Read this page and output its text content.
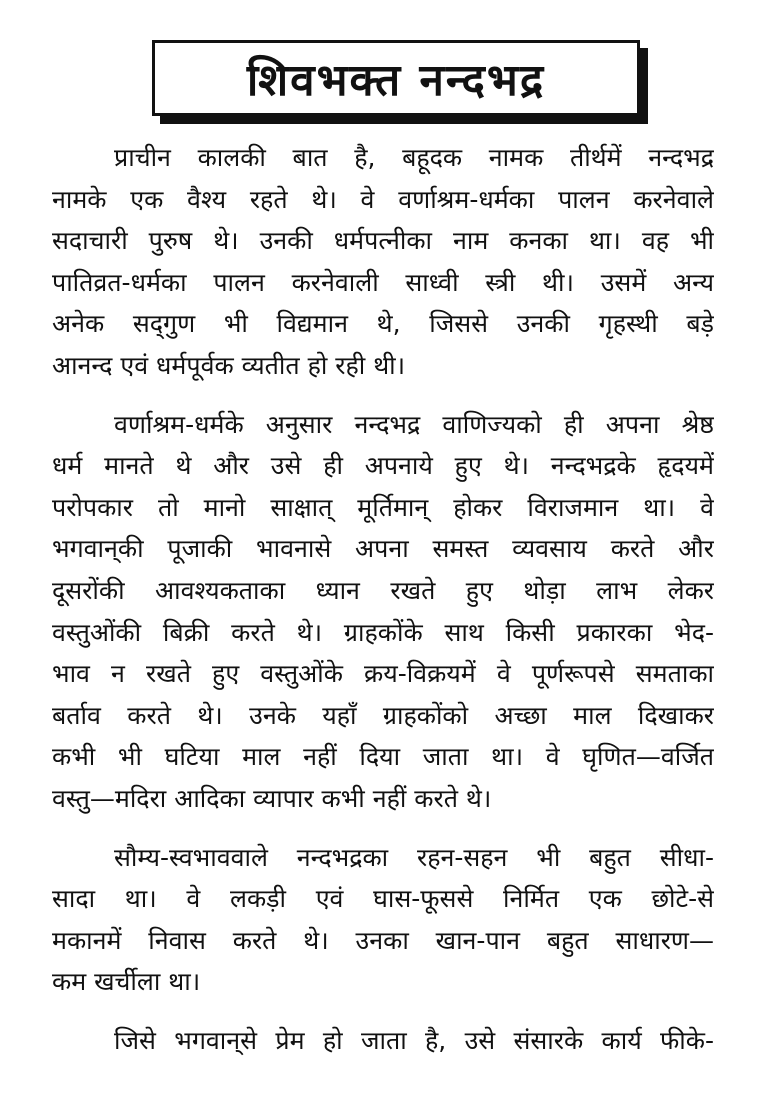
शिवभक्त नन्दभद्र
प्राचीन कालकी बात है, बहूदक नामक तीर्थमें नन्दभद्र
नामके एक वैश्य रहते थे। वे वर्णाश्रम-धर्मका पालन करनेवाले
सदाचारी पुरुष थे। उनकी धर्मपत्नीका नाम कनका था। वह भी
पातिव्रत-धर्मका पालन करनेवाली साध्वी स्त्री थी। उसमें अन्य
अनेक सद्‌गुण भी विद्यमान थे, जिससे उनकी गृहस्थी बड़े
आनन्द एवं धर्मपूर्वक व्यतीत हो रही थी।
वर्णाश्रम-धर्मके अनुसार नन्दभद्र वाणिज्यको ही अपना श्रेष्ठ
धर्म मानते थे और उसे ही अपनाये हुए थे। नन्दभद्रके हृदयमें
परोपकार तो मानो साक्षात् मूर्तिमान् होकर विराजमान था। वे
भगवान्‌की पूजाकी भावनासे अपना समस्त व्यवसाय करते और
दूसरोंकी आवश्यकताका ध्यान रखते हुए थोड़ा लाभ लेकर
वस्तुओंकी बिक्री करते थे। ग्राहकोंके साथ किसी प्रकारका भेद-
भाव न रखते हुए वस्तुओंके क्रय-विक्रयमें वे पूर्णरूपसे समताका
बर्ताव करते थे। उनके यहाँ ग्राहकोंको अच्छा माल दिखाकर
कभी भी घटिया माल नहीं दिया जाता था। वे घृणित—वर्जित
वस्तु—मदिरा आदिका व्यापार कभी नहीं करते थे।
सौम्य-स्वभाववाले नन्दभद्रका रहन-सहन भी बहुत सीधा-
सादा था। वे लकड़ी एवं घास-फूससे निर्मित एक छोटे-से
मकानमें निवास करते थे। उनका खान-पान बहुत साधारण—
कम खर्चीला था।
जिसे भगवान्‌से प्रेम हो जाता है, उसे संसारके कार्य फीके-
